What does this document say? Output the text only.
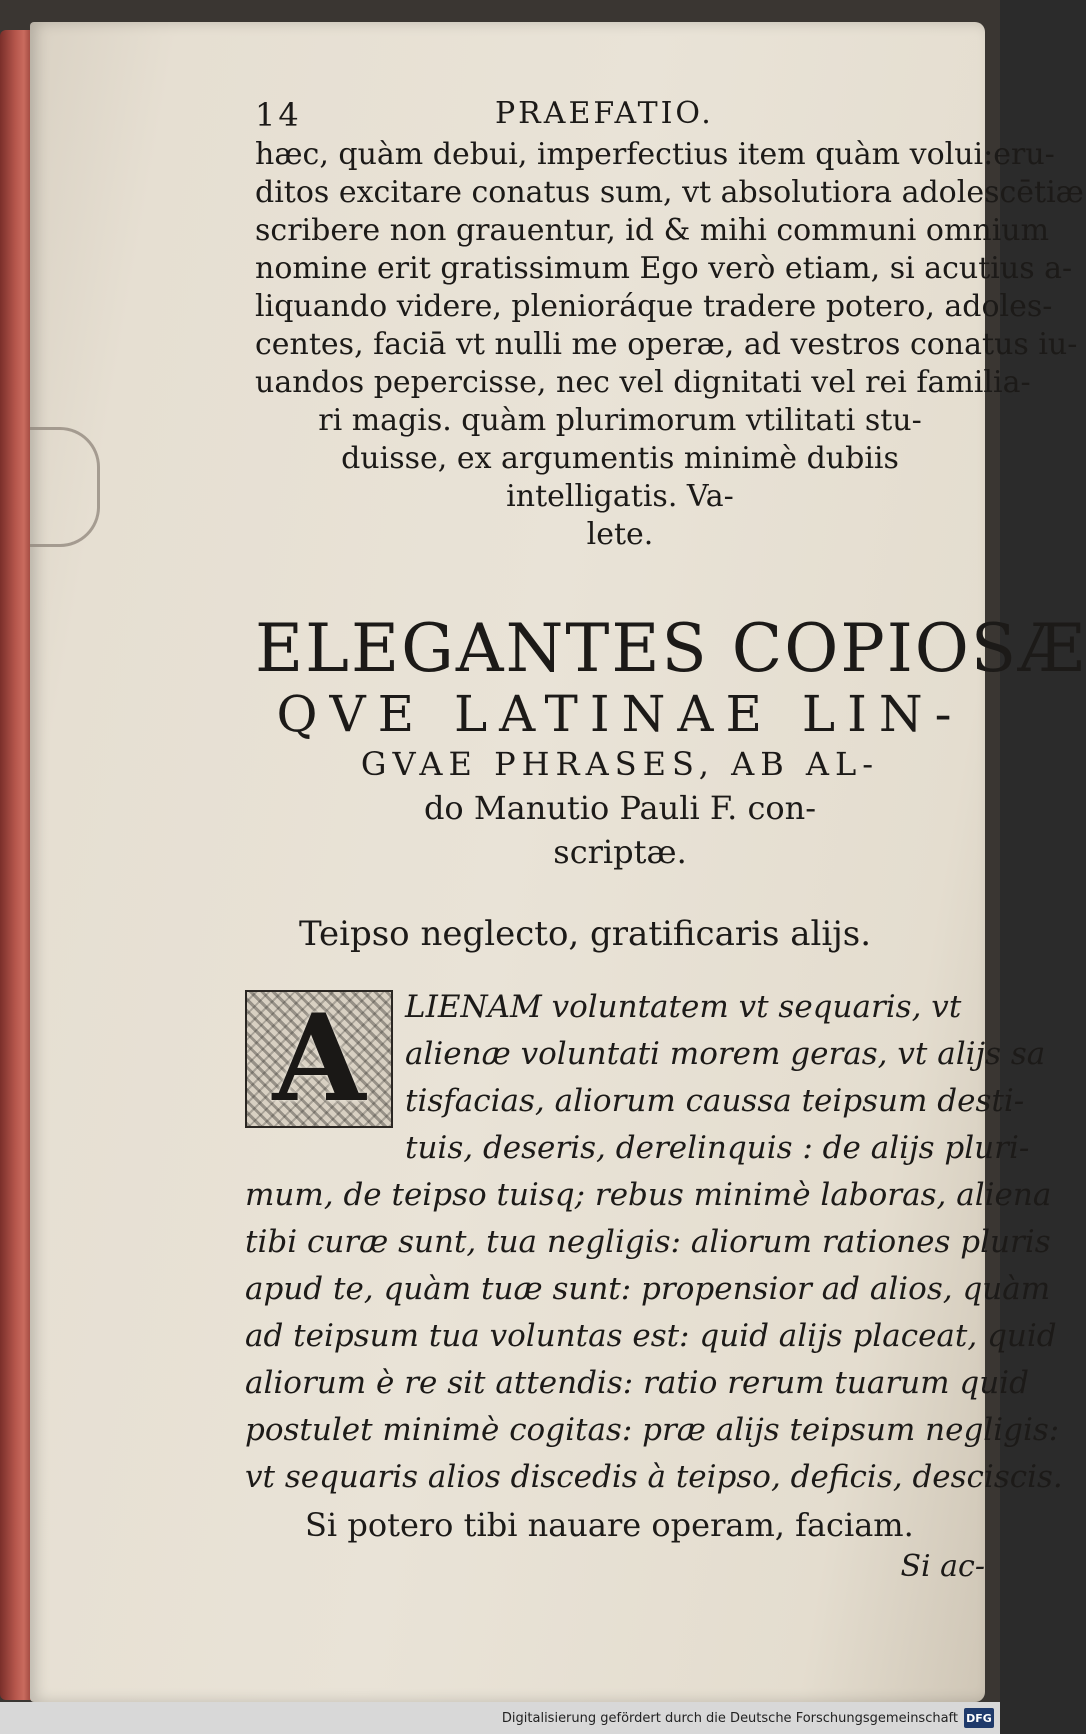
14	PRAEFATIO.

hæc, quàm debui, imperfectius item quàm volui:eru-

ditos excitare conatus sum, vt absolutiora adolescētiæ

scribere non grauentur, id & mihi communi omnium

nomine erit gratissimum Ego verò etiam, si acutius a-

liquando videre, plenioráque tradere potero, adoles-

centes, faciā vt nulli me operæ, ad vestros conatus iu-

uandos pepercisse, nec vel dignitati vel rei familia-

ri magis. quàm plurimorum vtilitati stu-

duisse, ex argumentis minimè dubiis

intelligatis. Va-

lete.

ELEGANTES COPIOSÆ
QVE LATINAE LIN-
GVAE PHRASES, AB AL-
do Manutio Pauli F. con-
scriptæ.
Teipso neglecto, gratificaris alijs.
A	LIENAM voluntatem vt sequaris, vt

alienæ voluntati morem geras, vt alijs sa

tisfacias, aliorum caussa teipsum desti-

tuis, deseris, derelinquis : de alijs pluri-

mum, de teipso tuisq; rebus minimè laboras, aliena

tibi curæ sunt, tua negligis: aliorum rationes pluris

apud te, quàm tuæ sunt: propensior ad alios, quàm

ad teipsum tua voluntas est: quid alijs placeat, quid

aliorum è re sit attendis: ratio rerum tuarum quid

postulet minimè cogitas: præ alijs teipsum negligis:

vt sequaris alios discedis à teipso, deficis, desciscis.

Si potero tibi nauare operam, faciam.
Si ac-
Digitalisierung gefördert durch die Deutsche Forschungsgemeinschaft DFG
